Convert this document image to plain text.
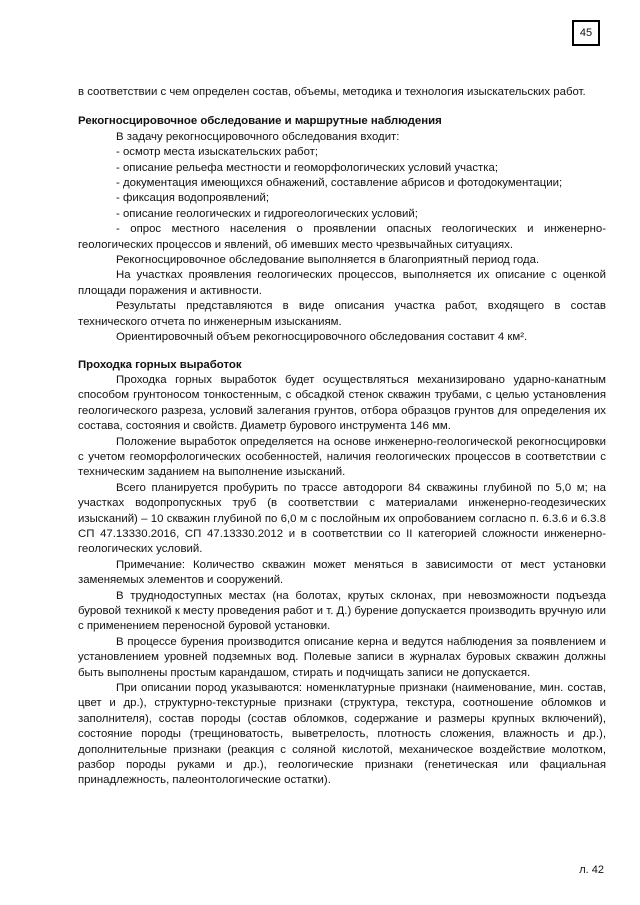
45

в соответствии с чем определен состав, объемы, методика и технология изыскательских работ.

Рекогносцировочное обследование и маршрутные наблюдения

В задачу рекогносцировочного обследования входит:

- осмотр места изыскательских работ;

- описание рельефа местности и геоморфологических условий участка;

- документация имеющихся обнажений, составление абрисов и фотодокументации;

- фиксация водопроявлений;

- описание геологических и гидрогеологических условий;

- опрос местного населения о проявлении опасных геологических и инженерно-геологических процессов и явлений, об имевших место чрезвычайных ситуациях.

Рекогносцировочное обследование выполняется в благоприятный период года.

На участках проявления геологических процессов, выполняется их описание с оценкой площади поражения и активности.

Результаты представляются в виде описания участка работ, входящего в состав технического отчета по инженерным изысканиям.

Ориентировочный объем рекогносцировочного обследования составит 4 км².

Проходка горных выработок

Проходка горных выработок будет осуществляться механизировано ударно-канатным способом грунтоносом тонкостенным, с обсадкой стенок скважин трубами, с целью установления геологического разреза, условий залегания грунтов, отбора образцов грунтов для определения их состава, состояния и свойств. Диаметр бурового инструмента 146 мм.

Положение выработок определяется на основе инженерно-геологической рекогносцировки с учетом геоморфологических особенностей, наличия геологических процессов в соответствии с техническим заданием на выполнение изысканий.

Всего планируется пробурить по трассе автодороги 84 скважины глубиной по 5,0 м; на участках водопропускных труб (в соответствии с материалами инженерно-геодезических изысканий) – 10 скважин глубиной по 6,0 м с послойным их опробованием согласно п. 6.3.6 и 6.3.8 СП 47.13330.2016, СП 47.13330.2012 и в соответствии со II категорией сложности инженерно-геологических условий.

Примечание: Количество скважин может меняться в зависимости от мест установки заменяемых элементов и сооружений.

В труднодоступных местах (на болотах, крутых склонах, при невозможности подъезда буровой техникой к месту проведения работ и т. Д.) бурение допускается производить вручную или с применением переносной буровой установки.

В процессе бурения производится описание керна и ведутся наблюдения за появлением и установлением уровней подземных вод. Полевые записи в журналах буровых скважин должны быть выполнены простым карандашом, стирать и подчищать записи не допускается.

При описании пород указываются: номенклатурные признаки (наименование, мин. состав, цвет и др.), структурно-текстурные признаки (структура, текстура, соотношение обломков и заполнителя), состав породы (состав обломков, содержание и размеры крупных включений), состояние породы (трещиноватость, выветрелость, плотность сложения, влажность и др.), дополнительные признаки (реакция с соляной кислотой, механическое воздействие молотком, разбор породы руками и др.), геологические признаки (генетическая или фациальная принадлежность, палеонтологические остатки).

л. 42
